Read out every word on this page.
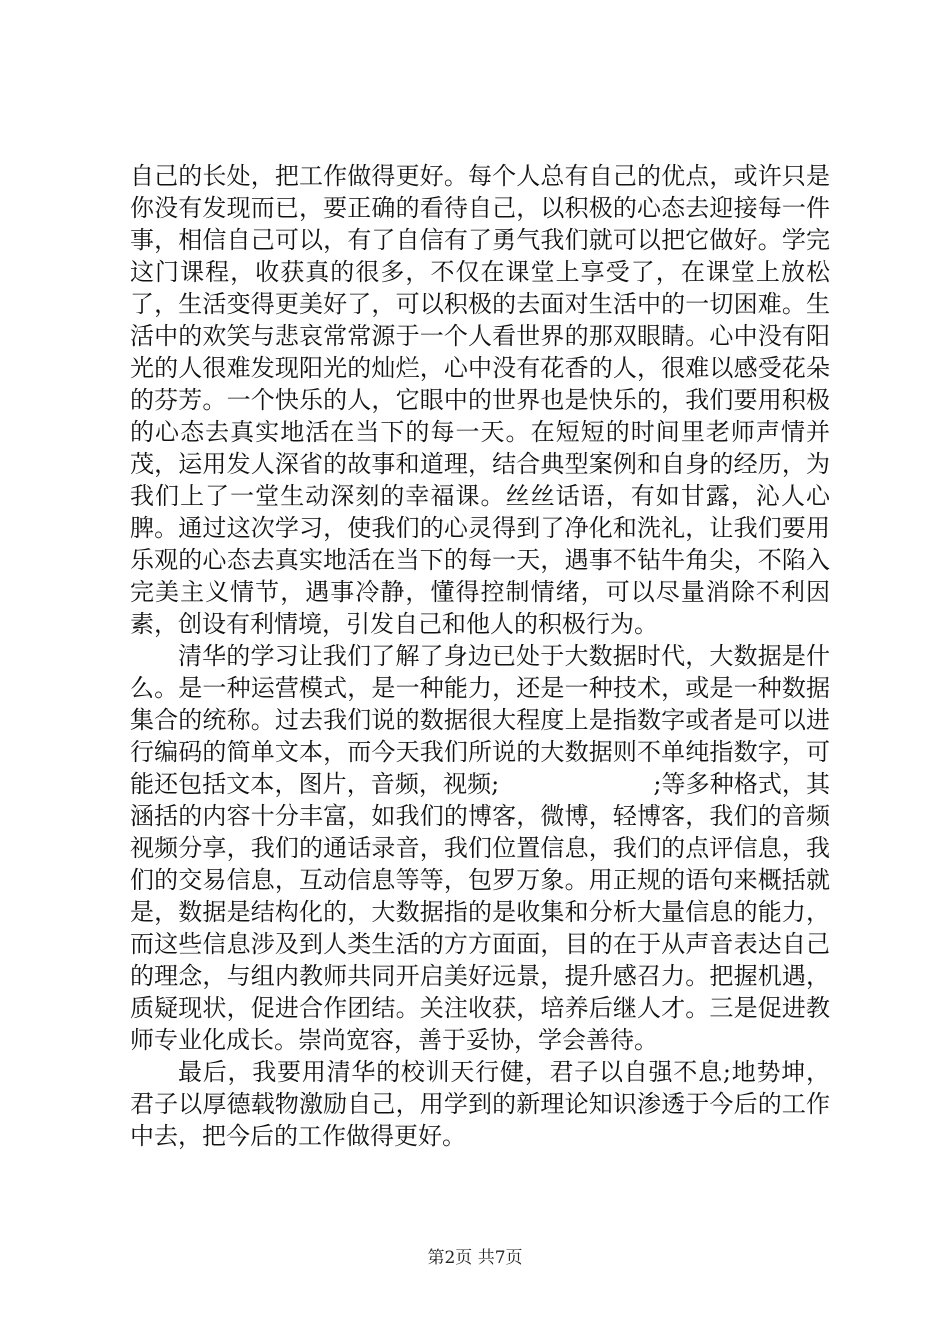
自己的长处，把工作做得更好。每个人总有自己的优点，或许只是你没有发现而已，要正确的看待自己，以积极的心态去迎接每一件事，相信自己可以，有了自信有了勇气我们就可以把它做好。学完这门课程，收获真的很多，不仅在课堂上享受了，在课堂上放松了，生活变得更美好了，可以积极的去面对生活中的一切困难。生活中的欢笑与悲哀常常源于一个人看世界的那双眼睛。心中没有阳光的人很难发现阳光的灿烂，心中没有花香的人，很难以感受花朵的芬芳。一个快乐的人，它眼中的世界也是快乐的，我们要用积极的心态去真实地活在当下的每一天。在短短的时间里老师声情并茂，运用发人深省的故事和道理，结合典型案例和自身的经历，为我们上了一堂生动深刻的幸福课。丝丝话语，有如甘露，沁人心脾。通过这次学习，使我们的心灵得到了净化和洗礼，让我们要用乐观的心态去真实地活在当下的每一天，遇事不钻牛角尖，不陷入完美主义情节，遇事冷静，懂得控制情绪，可以尽量消除不利因素，创设有利情境，引发自己和他人的积极行为。

清华的学习让我们了解了身边已处于大数据时代，大数据是什么。是一种运营模式，是一种能力，还是一种技术，或是一种数据集合的统称。过去我们说的数据很大程度上是指数字或者是可以进行编码的简单文本，而今天我们所说的大数据则不单纯指数字，可能还包括文本，图片，音频，视频;                    ;等多种格式，其涵括的内容十分丰富，如我们的博客，微博，轻博客，我们的音频视频分享，我们的通话录音，我们位置信息，我们的点评信息，我们的交易信息，互动信息等等，包罗万象。用正规的语句来概括就是，数据是结构化的，大数据指的是收集和分析大量信息的能力，而这些信息涉及到人类生活的方方面面，目的在于从声音表达自己的理念，与组内教师共同开启美好远景，提升感召力。把握机遇，质疑现状，促进合作团结。关注收获，培养后继人才。三是促进教师专业化成长。崇尚宽容，善于妥协，学会善待。

最后，我要用清华的校训天行健，君子以自强不息;地势坤，君子以厚德载物激励自己，用学到的新理论知识渗透于今后的工作中去，把今后的工作做得更好。

第2页 共7页
